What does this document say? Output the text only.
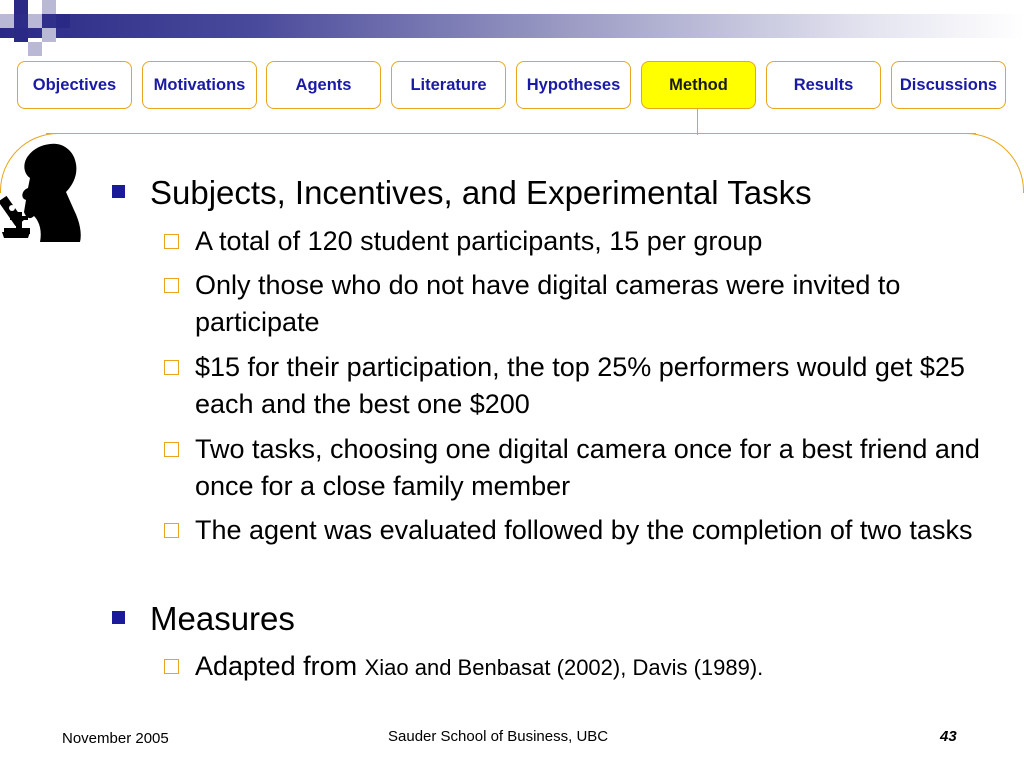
Objectives	Motivations	Agents	Literature	Hypotheses	Method	Results	Discussions
Subjects, Incentives, and Experimental Tasks
A total of 120 student participants, 15 per group
Only those who do not have digital cameras were invited to participate
$15 for their participation, the top 25% performers would get $25 each and the best one $200
Two tasks, choosing one digital camera once for a best friend and once for a close family member
The agent was evaluated followed by the completion of two tasks
Measures
Adapted from Xiao and Benbasat (2002), Davis (1989).
November 2005	Sauder School of Business, UBC	43
